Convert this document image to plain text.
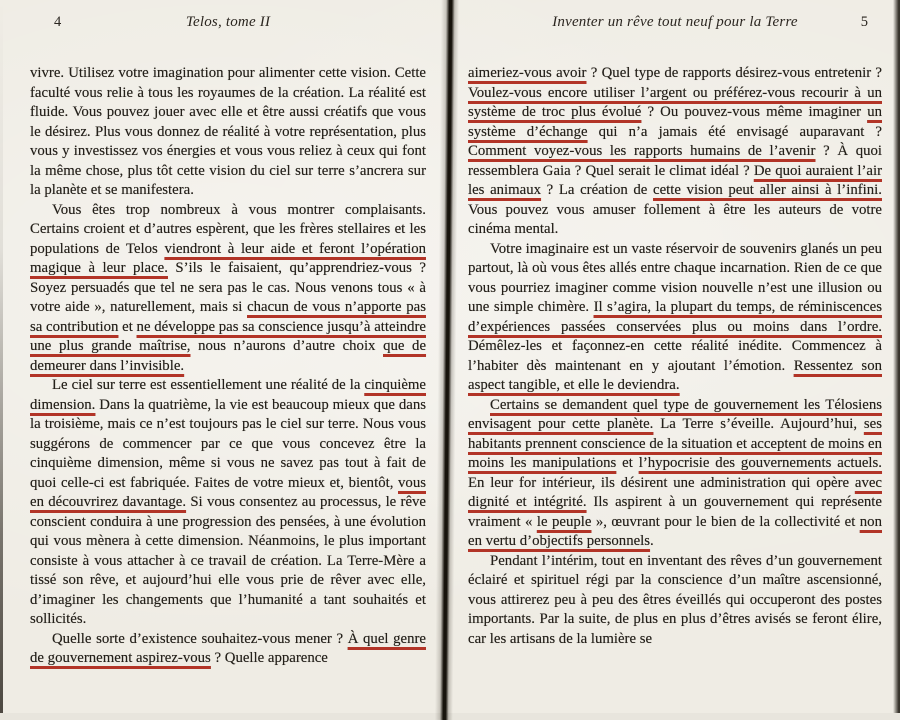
4	Telos, tome II

vivre. Utilisez votre imagination pour alimenter cette vision. Cette faculté vous relie à tous les royaumes de la création. La réalité est fluide. Vous pouvez jouer avec elle et être aussi créatifs que vous le désirez. Plus vous donnez de réalité à votre représentation, plus vous y investissez vos énergies et vous vous reliez à ceux qui font la même chose, plus tôt cette vision du ciel sur terre s’ancrera sur la planète et se manifestera.

Vous êtes trop nombreux à vous montrer complaisants. Certains croient et d’autres espèrent, que les frères stellaires et les populations de Telos viendront à leur aide et feront l’opération magique à leur place. S’ils le faisaient, qu’apprendriez-vous ? Soyez persuadés que tel ne sera pas le cas. Nous venons tous « à votre aide », naturellement, mais si chacun de vous n’apporte pas sa contribution et ne développe pas sa conscience jusqu’à atteindre une plus grande maîtrise, nous n’aurons d’autre choix que de demeurer dans l’invisible.

Le ciel sur terre est essentiellement une réalité de la cinquième dimension. Dans la quatrième, la vie est beaucoup mieux que dans la troisième, mais ce n’est toujours pas le ciel sur terre. Nous vous suggérons de commencer par ce que vous concevez être la cinquième dimension, même si vous ne savez pas tout à fait de quoi celle-ci est fabriquée. Faites de votre mieux et, bientôt, vous en découvrirez davantage. Si vous consentez au processus, le rêve conscient conduira à une progression des pensées, à une évolution qui vous mènera à cette dimension. Néanmoins, le plus important consiste à vous attacher à ce travail de création. La Terre-Mère a tissé son rêve, et aujourd’hui elle vous prie de rêver avec elle, d’imaginer les changements que l’humanité a tant souhaités et sollicités.

Quelle sorte d’existence souhaitez-vous mener ? À quel genre de gouvernement aspirez-vous ? Quelle apparence

Inventer un rêve tout neuf pour la Terre	5

aimeriez-vous avoir ? Quel type de rapports désirez-vous entretenir ? Voulez-vous encore utiliser l’argent ou préférez-vous recourir à un système de troc plus évolué ? Ou pouvez-vous même imaginer un système d’échange qui n’a jamais été envisagé auparavant ? Comment voyez-vous les rapports humains de l’avenir ? À quoi ressemblera Gaia ? Quel serait le climat idéal ? De quoi auraient l’air les animaux ? La création de cette vision peut aller ainsi à l’infini. Vous pouvez vous amuser follement à être les auteurs de votre cinéma mental.

Votre imaginaire est un vaste réservoir de souvenirs glanés un peu partout, là où vous êtes allés entre chaque incarnation. Rien de ce que vous pourriez imaginer comme vision nouvelle n’est une illusion ou une simple chimère. Il s’agira, la plupart du temps, de réminiscences d’expériences passées conservées plus ou moins dans l’ordre. Démêlez-les et façonnez-en cette réalité inédite. Commencez à l’habiter dès maintenant en y ajoutant l’émotion. Ressentez son aspect tangible, et elle le deviendra.

Certains se demandent quel type de gouvernement les Télosiens envisagent pour cette planète. La Terre s’éveille. Aujourd’hui, ses habitants prennent conscience de la situation et acceptent de moins en moins les manipulations et l’hypocrisie des gouvernements actuels. En leur for intérieur, ils désirent une administration qui opère avec dignité et intégrité. Ils aspirent à un gouvernement qui représente vraiment « le peuple », œuvrant pour le bien de la collectivité et non en vertu d’objectifs personnels.

Pendant l’intérim, tout en inventant des rêves d’un gouvernement éclairé et spirituel régi par la conscience d’un maître ascensionné, vous attirerez peu à peu des êtres éveillés qui occuperont des postes importants. Par la suite, de plus en plus d’êtres avisés se feront élire, car les artisans de la lumière se
